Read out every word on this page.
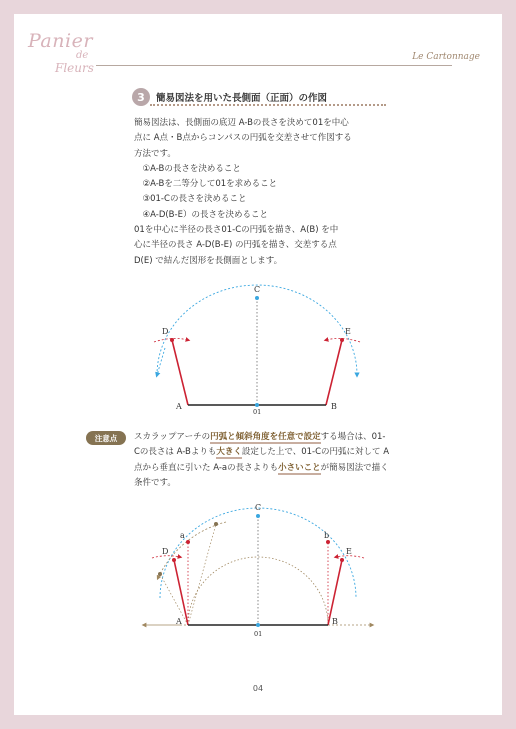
Panier
de
Fleurs
Le Cartonnage
3	簡易図法を用いた長側面（正面）の作図

簡易図法は、長側面の底辺 A-Bの長さを決めて01を中心
点に A点・B点からコンパスの円弧を交差させて作図する
方法です。
　①A-Bの長さを決めること
　②A-Bを二等分して01を求めること
　③01-Cの長さを決めること
　④A-D(B-E）の長さを決めること
01を中心に半径の長さ01-Cの円弧を描き、A(B) を中
心に半径の長さ A-D(B-E) の円弧を描き、交差する点
D(E) で結んだ図形を長側面とします。

C
D	E
A	B
01
注意点	スカラップアーチの円弧と傾斜角度を任意で設定する場合は、01-Cの長さは A-Bよりも大きく設定した上で、01-Cの円弧に対して A点から垂直に引いた A-aの長さよりも小さいことが簡易図法で描く条件です。

C
a	b
D	E
A	B
01
04
